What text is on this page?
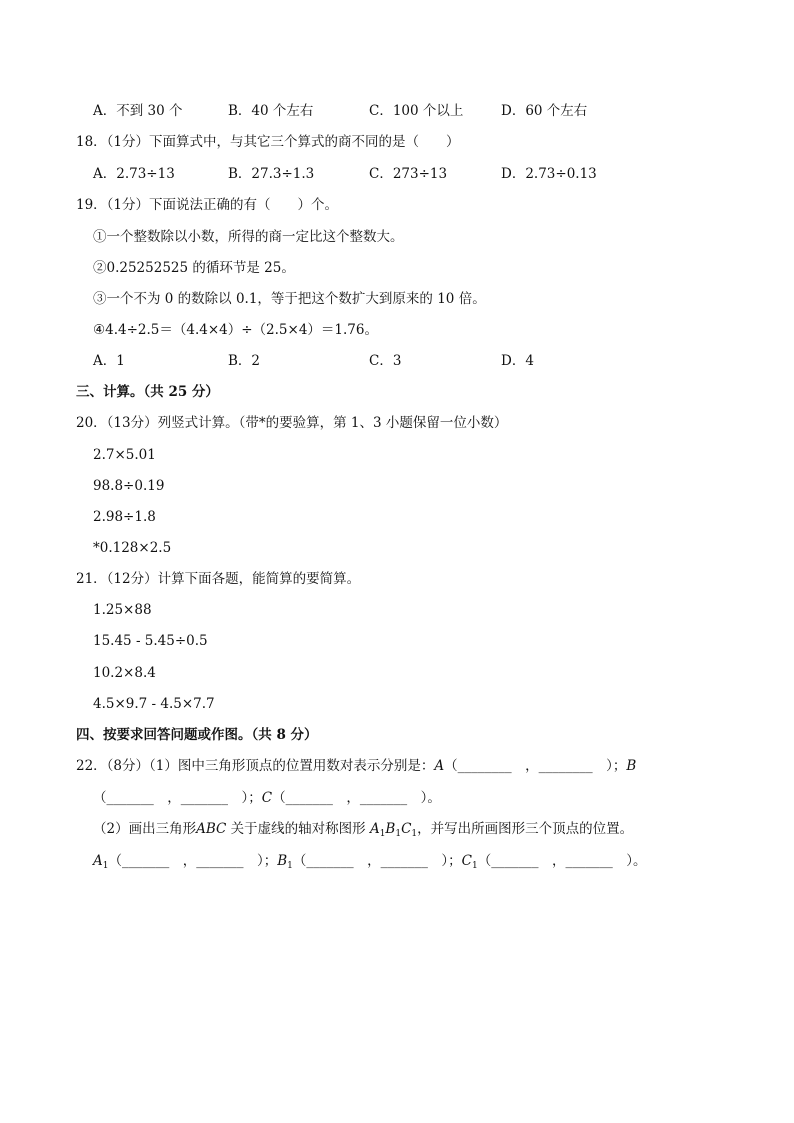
A．不到 30 个	B．40 个左右	C．100 个以上	D．60 个左右
18．（1分）下面算式中，与其它三个算式的商不同的是（　　）
A．2.73÷13	B．27.3÷1.3	C．273÷13	D．2.73÷0.13
19．（1分）下面说法正确的有（　　）个。
①一个整数除以小数，所得的商一定比这个整数大。
②0.25252525 的循环节是 25。
③一个不为 0 的数除以 0.1，等于把这个数扩大到原来的 10 倍。
④4.4÷2.5＝（4.4×4）÷（2.5×4）＝1.76。
A．1	B．2	C．3	D．4
三、计算。（共 25 分）
20．（13分）列竖式计算。（带*的要验算，第 1、3 小题保留一位小数）
2.7×5.01
98.8÷0.19
2.98÷1.8
*0.128×2.5
21．（12分）计算下面各题，能简算的要简算。
1.25×88
15.45 - 5.45÷0.5
10.2×8.4
4.5×9.7 - 4.5×7.7
四、按要求回答问题或作图。（共 8 分）
22．（8分）（1）图中三角形顶点的位置用数对表示分别是：A（________　，________　）；B
（_______　，_______　）；C（_______　，_______　）。
（2）画出三角形ABC 关于虚线的轴对称图形 $A_1B_1C_1$，并写出所画图形三个顶点的位置。
$A_1(\_\_\_\_\_\_\_$　，_______　）；$B_1(\_\_\_\_\_\_\_$　，_______　）；$C_1(\_\_\_\_\_\_\_$　，_______　）。
